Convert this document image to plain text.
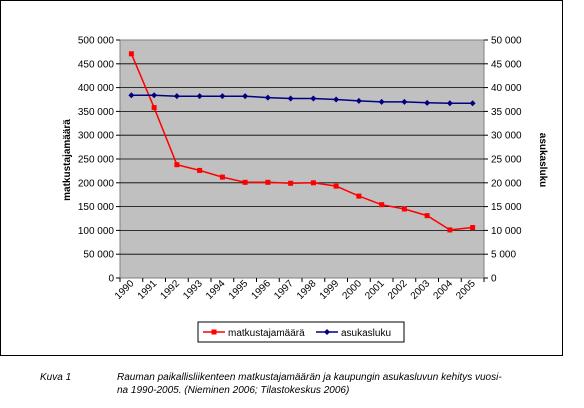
0
50 000
100 000
150 000
200 000
250 000
300 000
350 000
400 000
450 000
500 000
0
5 000
10 000
15 000
20 000
25 000
30 000
35 000
40 000
45 000
50 000
1990 1991 1992 1993 1994 1995 1996 1997 1998 1999 2000 2001 2002 2003 2004 2005
matkustajamäärä	asukasluku
matkustajamäärä	asukasluku
Kuva 1	Rauman paikallisliikenteen matkustajamäärän ja kaupungin asukasluvun kehitys vuosi-
na 1990-2005. (Nieminen 2006; Tilastokeskus 2006)
